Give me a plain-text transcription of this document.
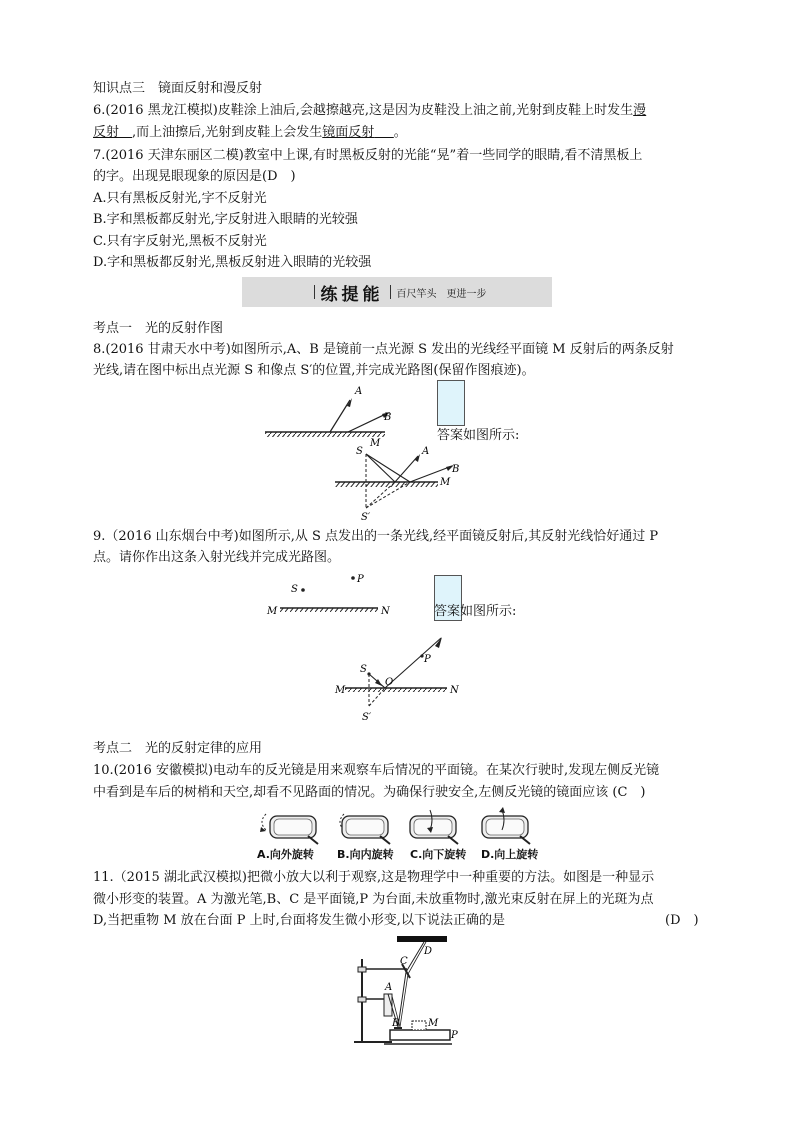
知识点三　镜面反射和漫反射
6.(2016 黑龙江模拟)皮鞋涂上油后,会越擦越亮,这是因为皮鞋没上油之前,光射到皮鞋上时发生漫
反射  ,而上油擦后,光射到皮鞋上会发生镜面反射   。
7.(2016 天津东丽区二模)教室中上课,有时黑板反射的光能“晃”着一些同学的眼睛,看不清黑板上
的字。出现晃眼现象的原因是(D　)
A.只有黑板反射光,字不反射光
B.字和黑板都反射光,字反射进入眼睛的光较强
C.只有字反射光,黑板不反射光
D.字和黑板都反射光,黑板反射进入眼睛的光较强
练提能 百尺竿头　更进一步
考点一　光的反射作图
8.(2016 甘肃天水中考)如图所示,A、B 是镜前一点光源 S 发出的光线经平面镜 M 反射后的两条反射
光线,请在图中标出点光源 S 和像点 S′的位置,并完成光路图(保留作图痕迹)。
A
B
M
答案如图所示:
S	A
B
M
S′
9.（2016 山东烟台中考)如图所示,从 S 点发出的一条光线,经平面镜反射后,其反射光线恰好通过 P
点。请你作出这条入射光线并完成光路图。
S
P
M	N	答案如图所示:
S
P
O
M	N
S′
考点二　光的反射定律的应用
10.(2016 安徽模拟)电动车的反光镜是用来观察车后情况的平面镜。在某次行驶时,发现左侧反光镜
中看到是车后的树梢和天空,却看不见路面的情况。为确保行驶安全,左侧反光镜的镜面应该 (C　)
A.向外旋转 B.向内旋转 C.向下旋转 D.向上旋转
11.（2015 湖北武汉模拟)把微小放大以利于观察,这是物理学中一种重要的方法。如图是一种显示
微小形变的装置。A 为激光笔,B、C 是平面镜,P 为台面,未放重物时,激光束反射在屏上的光斑为点
D,当把重物 M 放在台面 P 上时,台面将发生微小形变,以下说法正确的是	(D　)
D
C
A
B	M
P
